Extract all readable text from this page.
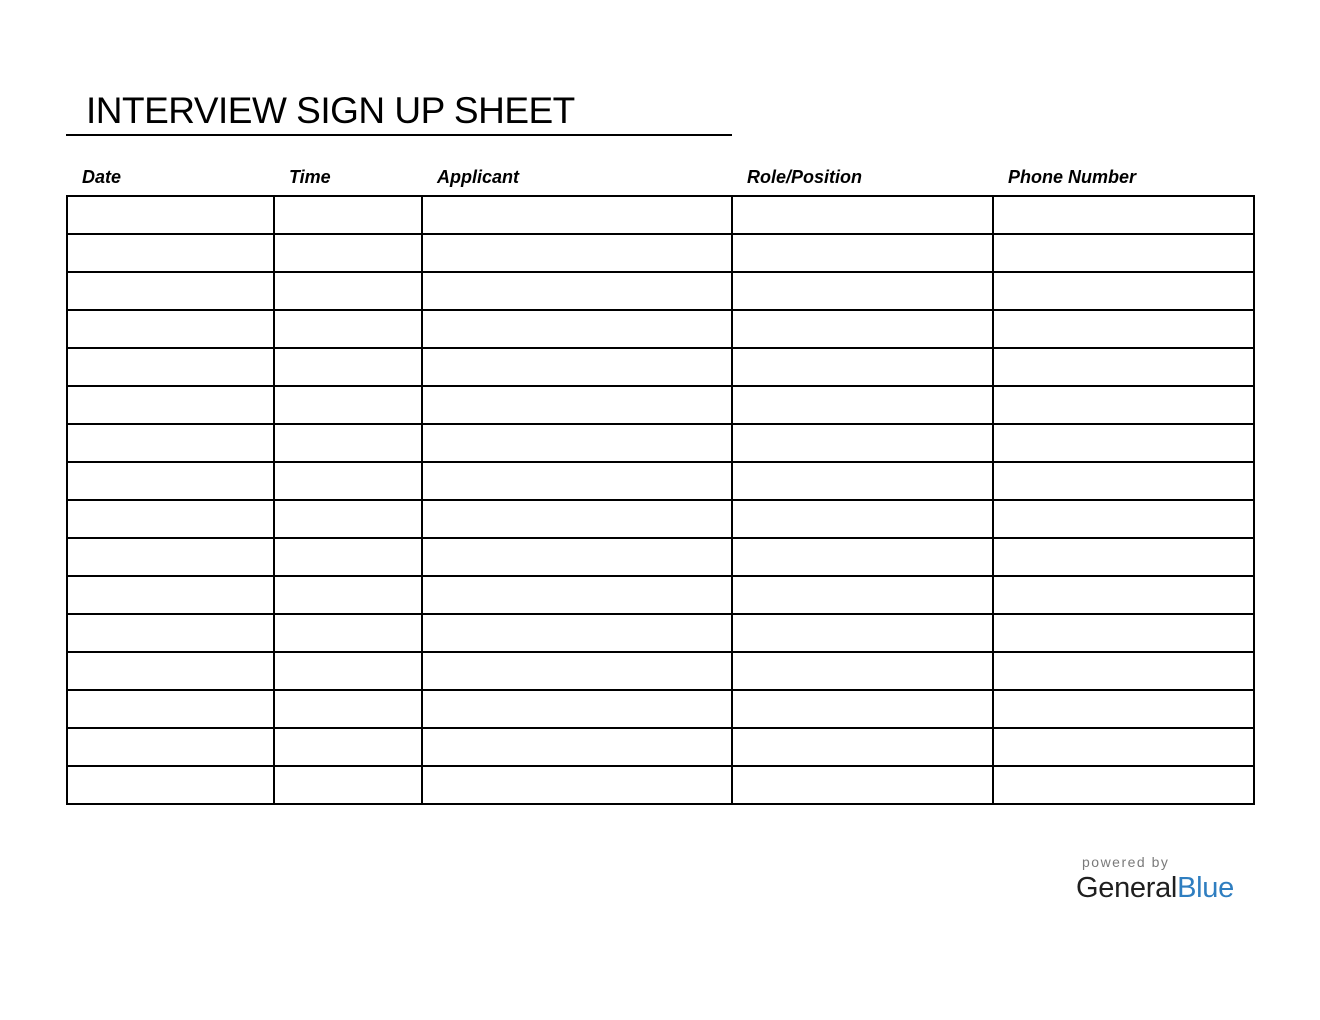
INTERVIEW SIGN UP SHEET
Date	Time	Applicant	Role/Position	Phone Number

powered by
GeneralBlue
